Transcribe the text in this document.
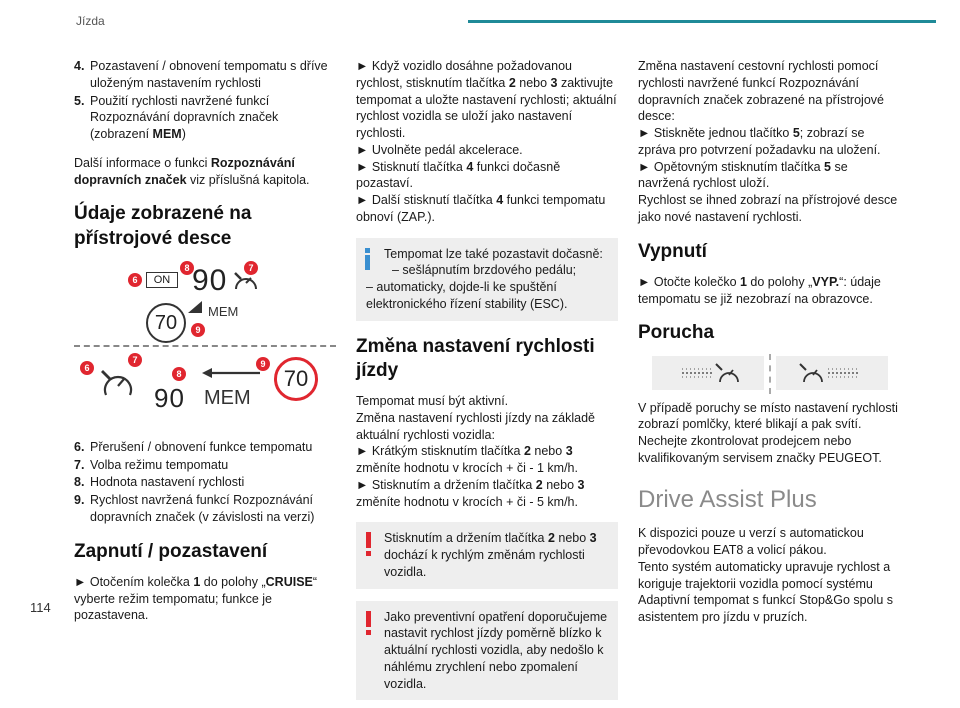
Jízda
114
4. Pozastavení / obnovení tempomatu s dříve uloženým nastavením rychlosti
5. Použití rychlosti navržené funkcí Rozpoznávání dopravních značek (zobrazení MEM)

Další informace o funkci Rozpoznávání dopravních značek viz příslušná kapitola.

Údaje zobrazené na přístrojové desce
6	ON
8 90	7
MEM
70	9
6
7
8
90 MEM
9
70
6. Přerušení / obnovení funkce tempomatu
7. Volba režimu tempomatu
8. Hodnota nastavení rychlosti
9. Rychlost navržená funkcí Rozpoznávání dopravních značek (v závislosti na verzi)
Zapnutí / pozastavení

► Otočením kolečka 1 do polohy „CRUISE“ vyberte režim tempomatu; funkce je pozastavena.

► Když vozidlo dosáhne požadovanou rychlost, stisknutím tlačítka 2 nebo 3 zaktivujte tempomat a uložte nastavení rychlosti; aktuální rychlost vozidla se uloží jako nastavení rychlosti.

► Uvolněte pedál akcelerace.

► Stisknutí tlačítka 4 funkci dočasně pozastaví.

► Další stisknutí tlačítka 4 funkci tempomatu obnoví (ZAP.).

Tempomat lze také pozastavit dočasně:
– sešlápnutím brzdového pedálu;
– automaticky, dojde-li ke spuštění elektronického řízení stability (ESC).
Změna nastavení rychlosti jízdy

Tempomat musí být aktivní.

Změna nastavení rychlosti jízdy na základě aktuální rychlosti vozidla:

► Krátkým stisknutím tlačítka 2 nebo 3 změníte hodnotu v krocích + či - 1 km/h.

► Stisknutím a držením tlačítka 2 nebo 3 změníte hodnotu v krocích + či - 5 km/h.

Stisknutím a držením tlačítka 2 nebo 3 dochází k rychlým změnám rychlosti vozidla.
Jako preventivní opatření doporučujeme nastavit rychlost jízdy poměrně blízko k aktuální rychlosti vozidla, aby nedošlo k náhlému zrychlení nebo zpomalení vozidla.

Změna nastavení cestovní rychlosti pomocí rychlosti navržené funkcí Rozpoznávání dopravních značek zobrazené na přístrojové desce:

► Stiskněte jednou tlačítko 5; zobrazí se zpráva pro potvrzení požadavku na uložení.

► Opětovným stisknutím tlačítka 5 se navržená rychlost uloží.

Rychlost se ihned zobrazí na přístrojové desce jako nové nastavení rychlosti.

Vypnutí

► Otočte kolečko 1 do polohy „VYP.“: údaje tempomatu se již nezobrazí na obrazovce.

Porucha

V případě poruchy se místo nastavení rychlosti zobrazí pomlčky, které blikají a pak svítí. Nechejte zkontrolovat prodejcem nebo kvalifikovaným servisem značky PEUGEOT.

Drive Assist Plus

K dispozici pouze u verzí s automatickou převodovkou EAT8 a volicí pákou.

Tento systém automaticky upravuje rychlost a koriguje trajektorii vozidla pomocí systému Adaptivní tempomat s funkcí Stop&Go spolu s asistentem pro jízdu v pruzích.
